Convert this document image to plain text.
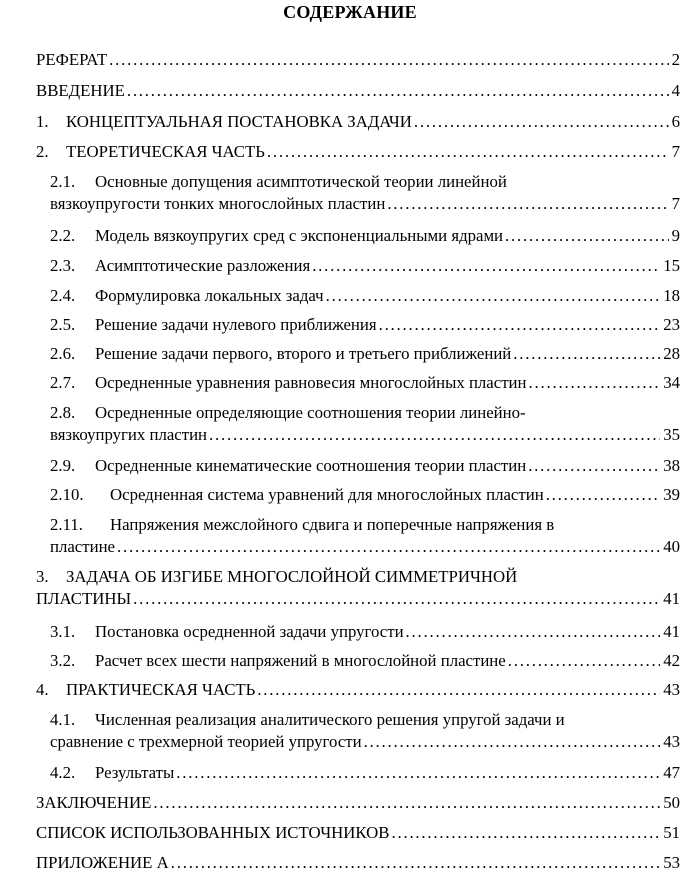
СОДЕРЖАНИЕ
РЕФЕРАТ . . .	2
ВВЕДЕНИЕ . . .	4
1. КОНЦЕПТУАЛЬНАЯ ПОСТАНОВКА ЗАДАЧИ . . .	6
2. ТЕОРЕТИЧЕСКАЯ ЧАСТЬ . . .	7
2.1. Основные допущения асимптотической теории линейной
вязкоупругости тонких многослойных пластин . . .	7
2.2. Модель вязкоупругих сред с экспоненциальными ядрами . . .	9
2.3. Асимптотические разложения . . .	15
2.4. Формулировка локальных задач . . .	18
2.5. Решение задачи нулевого приближения . . .	23
2.6. Решение задачи первого, второго и третьего приближений . . .	28
2.7. Осредненные уравнения равновесия многослойных пластин . . .	34
2.8. Осредненные определяющие соотношения теории линейно-
вязкоупругих пластин . . .	35
2.9. Осредненные кинематические соотношения теории пластин . . .	38
2.10. Осредненная система уравнений для многослойных пластин . . .	39
2.11. Напряжения межслойного сдвига и поперечные напряжения в
пластине . . .	40
3. ЗАДАЧА ОБ ИЗГИБЕ МНОГОСЛОЙНОЙ СИММЕТРИЧНОЙ
ПЛАСТИНЫ . . .	41
3.1. Постановка осредненной задачи упругости . . .	41
3.2. Расчет всех шести напряжений в многослойной пластине . . .	42
4. ПРАКТИЧЕСКАЯ ЧАСТЬ . . .	43
4.1. Численная реализация аналитического решения упругой задачи и
сравнение с трехмерной теорией упругости . . .	43
4.2. Результаты . . .	47
ЗАКЛЮЧЕНИЕ . . .	50
СПИСОК ИСПОЛЬЗОВАННЫХ ИСТОЧНИКОВ . . .	51
ПРИЛОЖЕНИЕ А . . .	53
